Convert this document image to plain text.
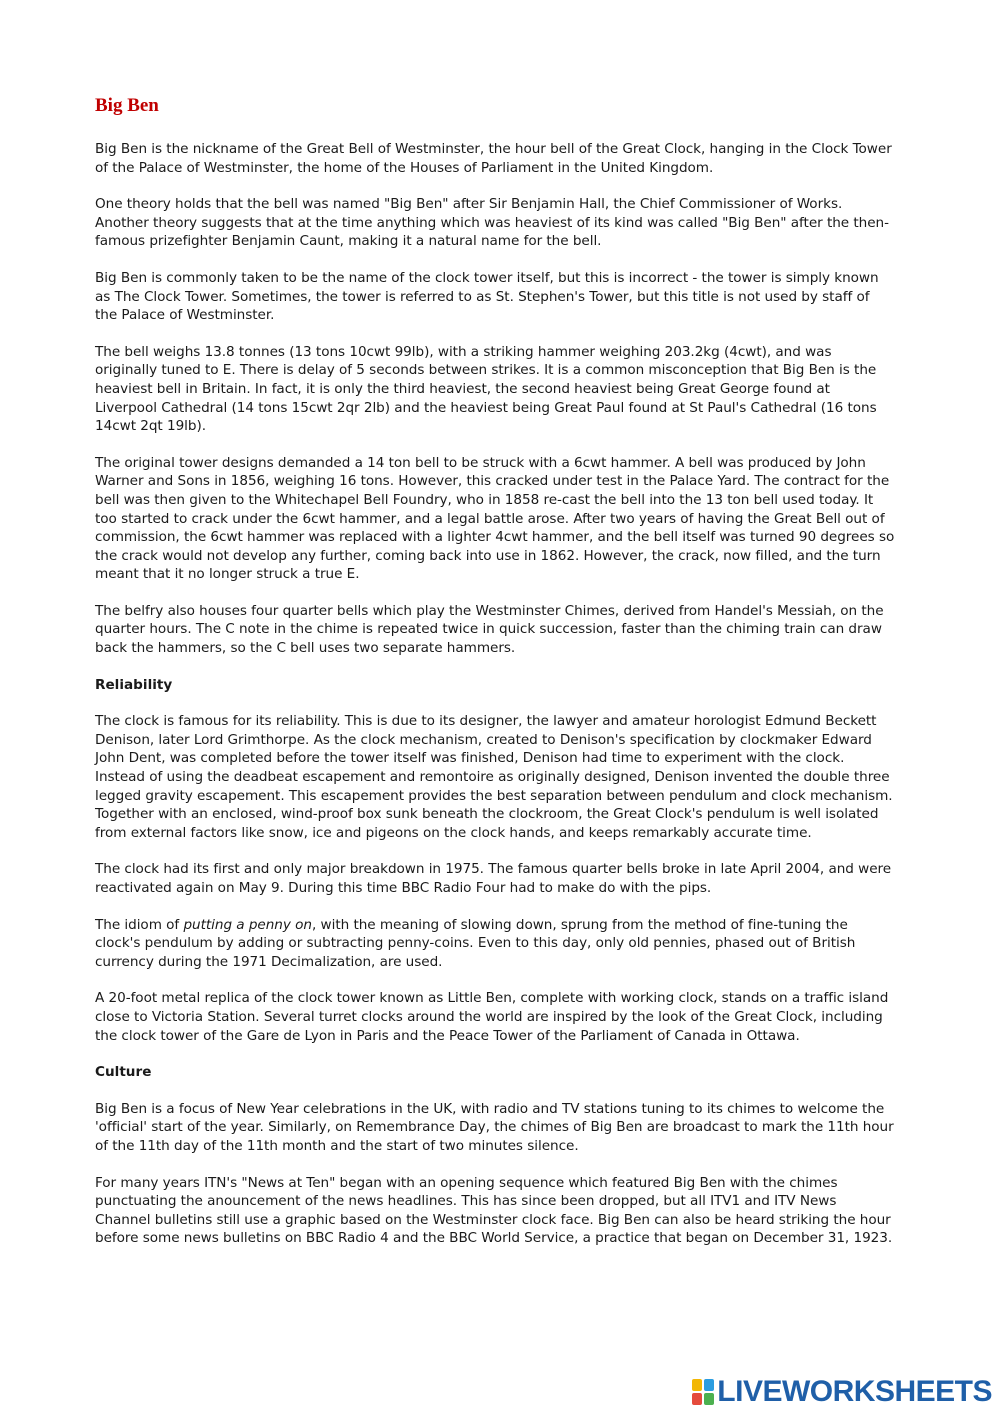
Big Ben

Big Ben is the nickname of the Great Bell of Westminster, the hour bell of the Great Clock, hanging in the Clock Tower of the Palace of Westminster, the home of the Houses of Parliament in the United Kingdom.

One theory holds that the bell was named "Big Ben" after Sir Benjamin Hall, the Chief Commissioner of Works. Another theory suggests that at the time anything which was heaviest of its kind was called "Big Ben" after the then-famous prizefighter Benjamin Caunt, making it a natural name for the bell.

Big Ben is commonly taken to be the name of the clock tower itself, but this is incorrect - the tower is simply known as The Clock Tower. Sometimes, the tower is referred to as St. Stephen's Tower, but this title is not used by staff of the Palace of Westminster.

The bell weighs 13.8 tonnes (13 tons 10cwt 99lb), with a striking hammer weighing 203.2kg (4cwt), and was originally tuned to E. There is delay of 5 seconds between strikes. It is a common misconception that Big Ben is the heaviest bell in Britain. In fact, it is only the third heaviest, the second heaviest being Great George found at Liverpool Cathedral (14 tons 15cwt 2qr 2lb) and the heaviest being Great Paul found at St Paul's Cathedral (16 tons 14cwt 2qt 19lb).

The original tower designs demanded a 14 ton bell to be struck with a 6cwt hammer. A bell was produced by John Warner and Sons in 1856, weighing 16 tons. However, this cracked under test in the Palace Yard. The contract for the bell was then given to the Whitechapel Bell Foundry, who in 1858 re-cast the bell into the 13 ton bell used today. It too started to crack under the 6cwt hammer, and a legal battle arose. After two years of having the Great Bell out of commission, the 6cwt hammer was replaced with a lighter 4cwt hammer, and the bell itself was turned 90 degrees so the crack would not develop any further, coming back into use in 1862. However, the crack, now filled, and the turn meant that it no longer struck a true E.

The belfry also houses four quarter bells which play the Westminster Chimes, derived from Handel's Messiah, on the quarter hours. The C note in the chime is repeated twice in quick succession, faster than the chiming train can draw back the hammers, so the C bell uses two separate hammers.

Reliability

The clock is famous for its reliability. This is due to its designer, the lawyer and amateur horologist Edmund Beckett Denison, later Lord Grimthorpe. As the clock mechanism, created to Denison's specification by clockmaker Edward John Dent, was completed before the tower itself was finished, Denison had time to experiment with the clock. Instead of using the deadbeat escapement and remontoire as originally designed, Denison invented the double three legged gravity escapement. This escapement provides the best separation between pendulum and clock mechanism. Together with an enclosed, wind-proof box sunk beneath the clockroom, the Great Clock's pendulum is well isolated from external factors like snow, ice and pigeons on the clock hands, and keeps remarkably accurate time.

The clock had its first and only major breakdown in 1975. The famous quarter bells broke in late April 2004, and were reactivated again on May 9. During this time BBC Radio Four had to make do with the pips.

The idiom of putting a penny on, with the meaning of slowing down, sprung from the method of fine-tuning the clock's pendulum by adding or subtracting penny-coins. Even to this day, only old pennies, phased out of British currency during the 1971 Decimalization, are used.

A 20-foot metal replica of the clock tower known as Little Ben, complete with working clock, stands on a traffic island close to Victoria Station. Several turret clocks around the world are inspired by the look of the Great Clock, including the clock tower of the Gare de Lyon in Paris and the Peace Tower of the Parliament of Canada in Ottawa.

Culture

Big Ben is a focus of New Year celebrations in the UK, with radio and TV stations tuning to its chimes to welcome the 'official' start of the year. Similarly, on Remembrance Day, the chimes of Big Ben are broadcast to mark the 11th hour of the 11th day of the 11th month and the start of two minutes silence.

For many years ITN's "News at Ten" began with an opening sequence which featured Big Ben with the chimes punctuating the anouncement of the news headlines. This has since been dropped, but all ITV1 and ITV News Channel bulletins still use a graphic based on the Westminster clock face. Big Ben can also be heard striking the hour before some news bulletins on BBC Radio 4 and the BBC World Service, a practice that began on December 31, 1923.

LIVEWORKSHEETS
